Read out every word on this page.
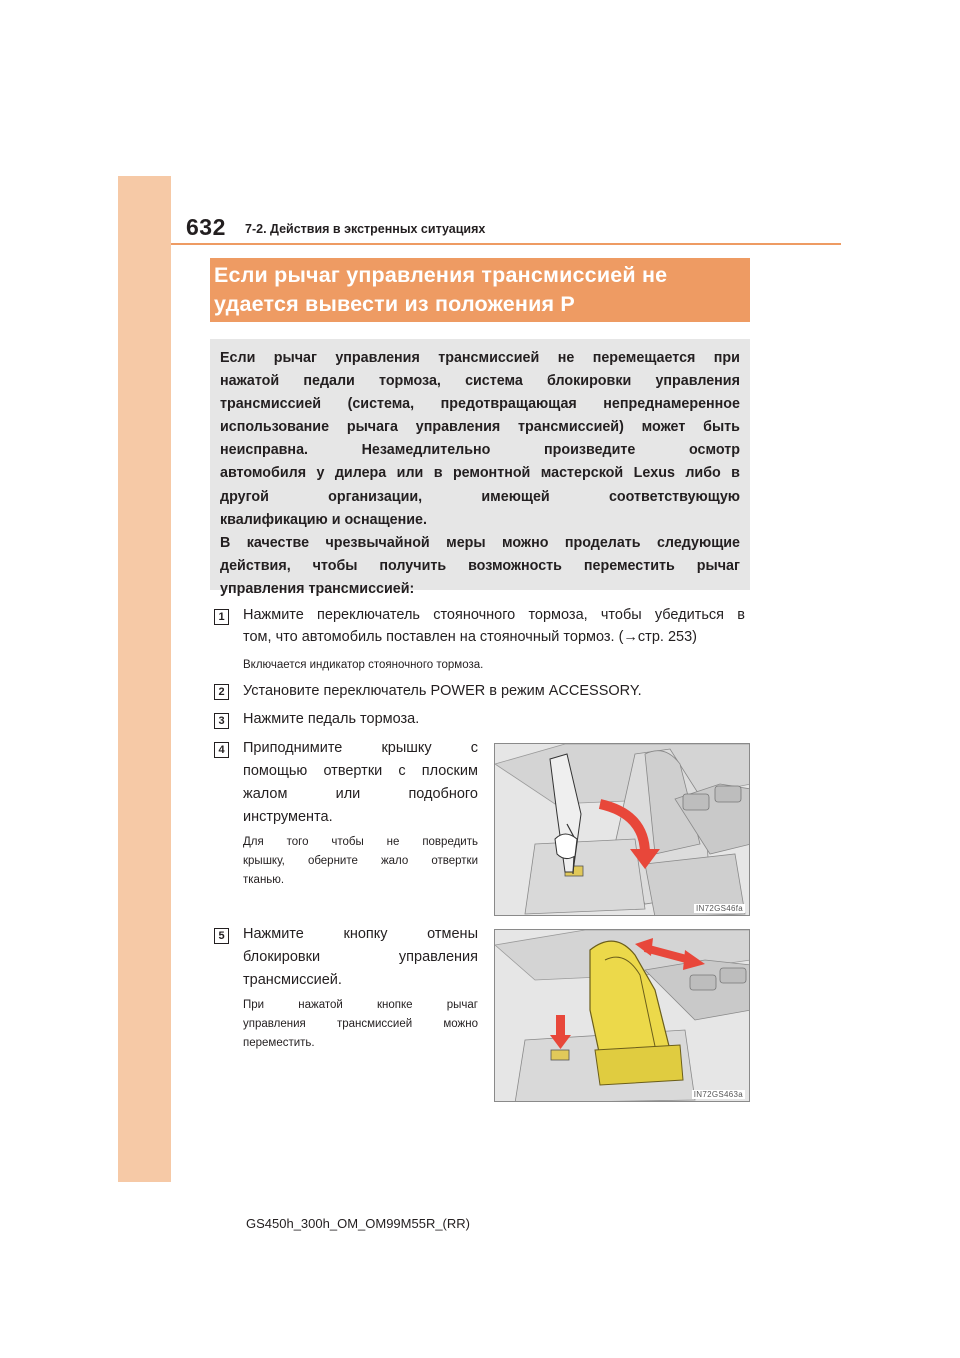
632 7-2. Действия в экстренных ситуациях
Если рычаг управления трансмиссией не
удается вывести из положения P
Если рычаг управления трансмиссией не перемещается при
нажатой педали тормоза, система блокировки управления
трансмиссией (система, предотвращающая непреднамеренное
использование рычага управления трансмиссией) может быть
неисправна.	Незамедлительно	произведите	осмотр
автомобиля у дилера или в ремонтной мастерской Lexus либо в
другой	организации,	имеющей	соответствующую
квалификацию и оснащение.
В качестве чрезвычайной меры можно проделать следующие
действия, чтобы получить возможность переместить рычаг
управления трансмиссией:
1	Нажмите переключатель стояночного тормоза, чтобы убедиться в
том, что автомобиль поставлен на стояночный тормоз. (→стр. 253)
Включается индикатор стояночного тормоза.
2	Установите переключатель POWER в режим ACCESSORY.
3	Нажмите педаль тормоза.
4	Приподнимите	крышку	с
помощью отвертки с плоским
жалом	или	подобного
инструмента.
Для того чтобы не повредить
крышку, оберните жало отвертки
тканью.
IN72GS46fa
5	Нажмите	кнопку	отмены
блокировки	управления
трансмиссией.
При	нажатой	кнопке	рычаг
управления	трансмиссией	можно
переместить.
IN72GS463a
GS450h_300h_OM_OM99M55R_(RR)
